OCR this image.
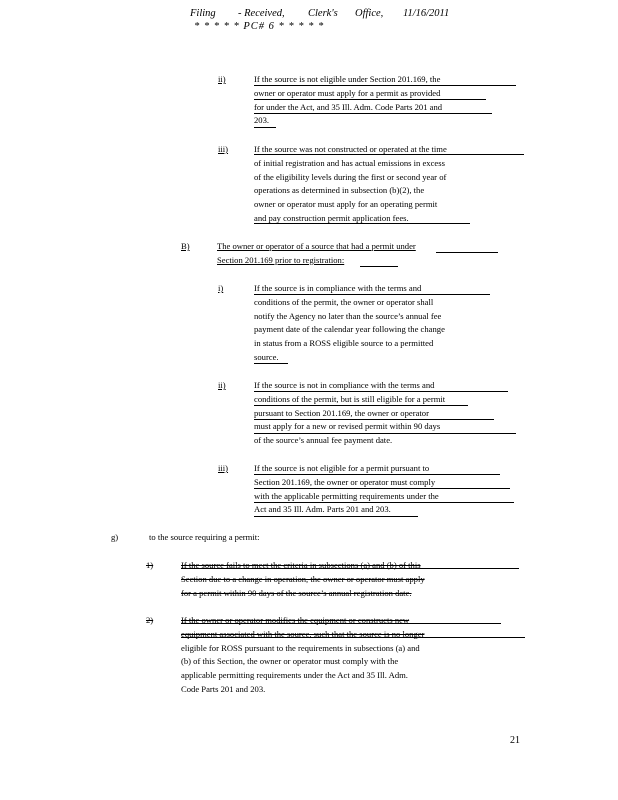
Filing - Received, Clerk's Office, 11/16/2011
* * * * * PC# 6 * * * * *
ii)	If the source is not eligible under Section 201.169, the
owner or operator must apply for a permit as provided
for under the Act, and 35 Ill. Adm. Code Parts 201 and
203.
iii)	If the source was not constructed or operated at the time
of initial registration and has actual emissions in excess
of the eligibility levels during the first or second year of
operations as determined in subsection (b)(2), the
owner or operator must apply for an operating permit
and pay construction permit application fees.
B)	The owner or operator of a source that had a permit under
Section 201.169 prior to registration:
i)	If the source is in compliance with the terms and
conditions of the permit, the owner or operator shall
notify the Agency no later than the source’s annual fee
payment date of the calendar year following the change
in status from a ROSS eligible source to a permitted
source.
ii)	If the source is not in compliance with the terms and
conditions of the permit, but is still eligible for a permit
pursuant to Section 201.169, the owner or operator
must apply for a new or revised permit within 90 days
of the source’s annual fee payment date.
iii)	If the source is not eligible for a permit pursuant to
Section 201.169, the owner or operator must comply
with the applicable permitting requirements under the
Act and 35 Ill. Adm. Parts 201 and 203.
g)	to the source requiring a permit:
1)	If the source fails to meet the criteria in subsections (a) and (b) of this
Section due to a change in operation, the owner or operator must apply
for a permit within 90 days of the source’s annual registration date.
2)	If the owner or operator modifies the equipment or constructs new
equipment associated with the source, such that the source is no longer
eligible for ROSS pursuant to the requirements in subsections (a) and
(b) of this Section, the owner or operator must comply with the
applicable permitting requirements under the Act and 35 Ill. Adm.
Code Parts 201 and 203.
21
